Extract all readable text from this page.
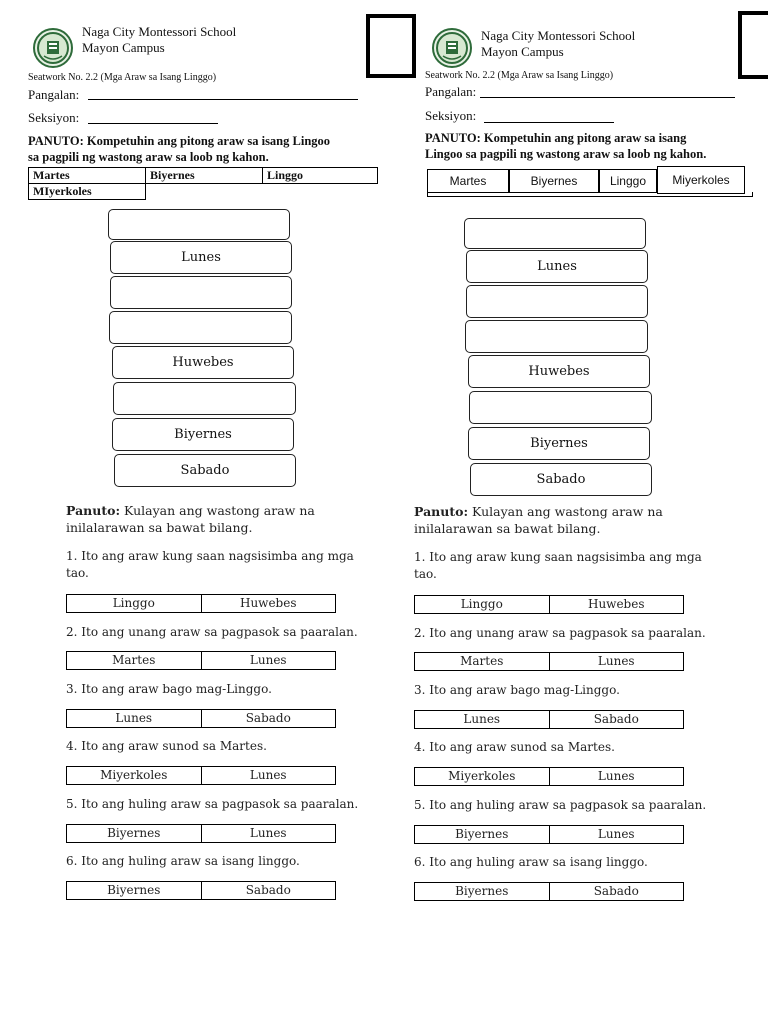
Naga City Montessori School
Mayon Campus
Seatwork No. 2.2 (Mga Araw sa Isang Linggo)
Pangalan:
Seksiyon:
PANUTO: Kompetuhin ang pitong araw sa isang Lingoo
sa pagpili ng wastong araw sa loob ng kahon.
Martes	Biyernes	Linggo
MIyerkoles		
Lunes
Huwebes
Biyernes
Sabado
Panuto: Kulayan ang wastong araw na
inilalarawan sa bawat bilang.
1. Ito ang araw kung saan nagsisimba ang mga
tao.
Linggo	Huwebes
2. Ito ang unang araw sa pagpasok sa paaralan.
Martes	Lunes
3. Ito ang araw bago mag-Linggo.
Lunes	Sabado
4. Ito ang araw sunod sa Martes.
Miyerkoles	Lunes
5. Ito ang huling araw sa pagpasok sa paaralan.
Biyernes	Lunes
6. Ito ang huling araw sa isang linggo.
Biyernes	Sabado
Naga City Montessori School
Mayon Campus
Seatwork No. 2.2 (Mga Araw sa Isang Linggo)
Pangalan:
Seksiyon:
PANUTO: Kompetuhin ang pitong araw sa isang
Lingoo sa pagpili ng wastong araw sa loob ng kahon.
Martes	Biyernes	Linggo	Miyerkoles
Lunes
Huwebes
Biyernes
Sabado
Panuto: Kulayan ang wastong araw na
inilalarawan sa bawat bilang.
1. Ito ang araw kung saan nagsisimba ang mga
tao.
Linggo	Huwebes
2. Ito ang unang araw sa pagpasok sa paaralan.
Martes	Lunes
3. Ito ang araw bago mag-Linggo.
Lunes	Sabado
4. Ito ang araw sunod sa Martes.
Miyerkoles	Lunes
5. Ito ang huling araw sa pagpasok sa paaralan.
Biyernes	Lunes
6. Ito ang huling araw sa isang linggo.
Biyernes	Sabado
